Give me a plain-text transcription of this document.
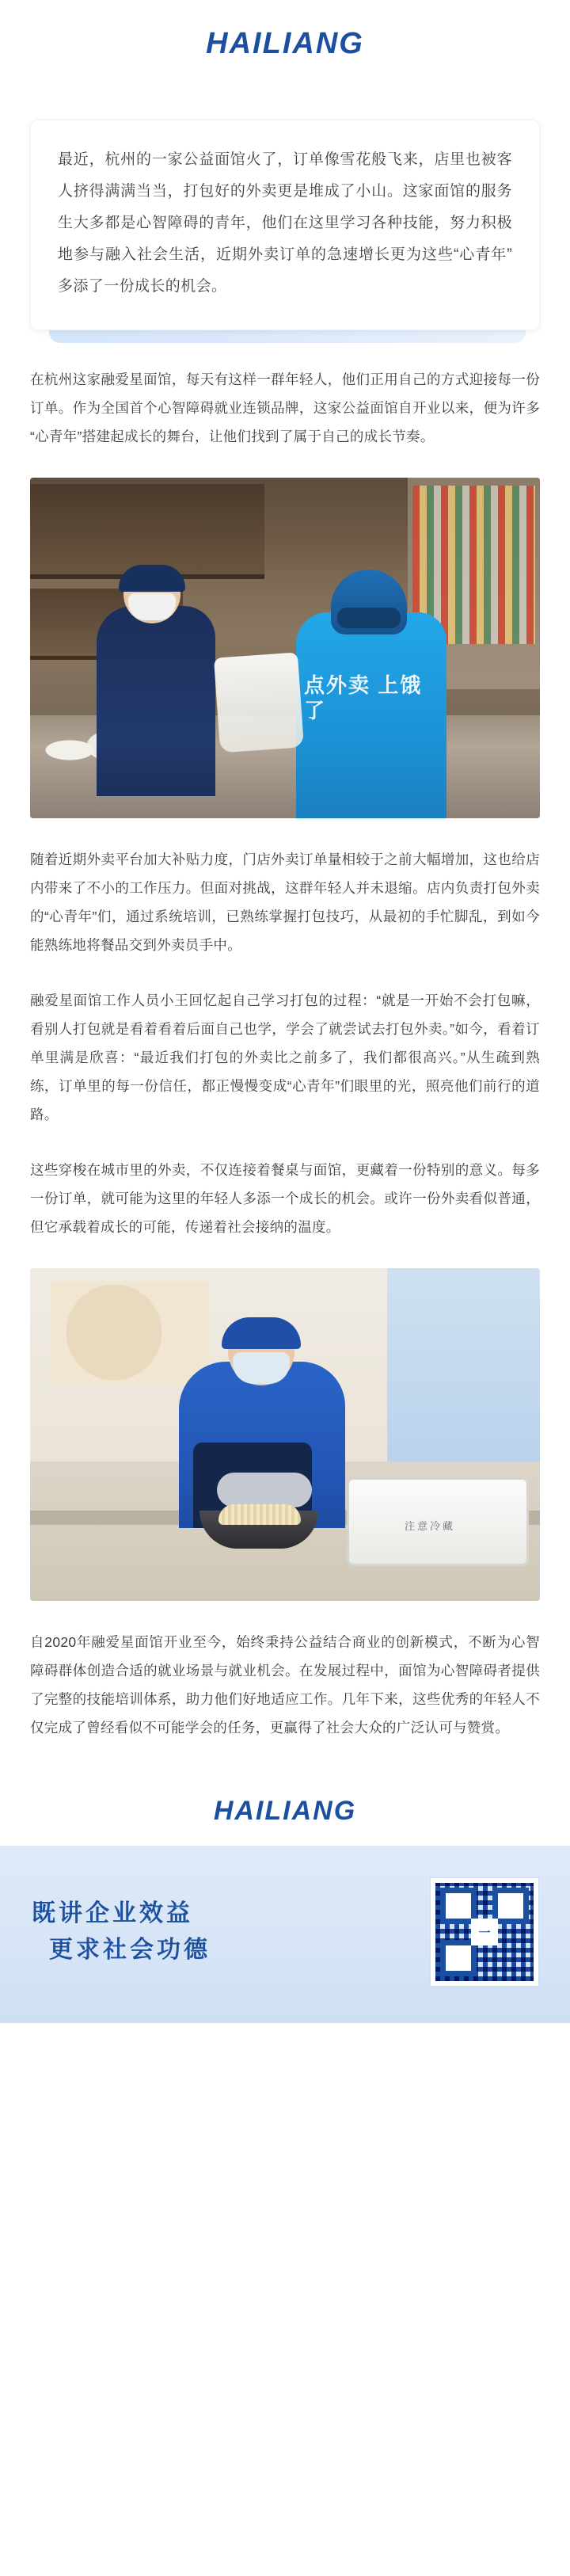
HAILIANG

最近，杭州的一家公益面馆火了，订单像雪花般飞来，店里也被客人挤得满满当当，打包好的外卖更是堆成了小山。这家面馆的服务生大多都是心智障碍的青年，他们在这里学习各种技能，努力积极地参与融入社会生活，近期外卖订单的急速增长更为这些“心青年”多添了一份成长的机会。

在杭州这家融爱星面馆，每天有这样一群年轻人，他们正用自己的方式迎接每一份订单。作为全国首个心智障碍就业连锁品牌，这家公益面馆自开业以来，便为许多“心青年”搭建起成长的舞台，让他们找到了属于自己的成长节奏。

点外卖 上饿了

随着近期外卖平台加大补贴力度，门店外卖订单量相较于之前大幅增加，这也给店内带来了不小的工作压力。但面对挑战，这群年轻人并未退缩。店内负责打包外卖的“心青年”们，通过系统培训，已熟练掌握打包技巧，从最初的手忙脚乱，到如今能熟练地将餐品交到外卖员手中。

融爱星面馆工作人员小王回忆起自己学习打包的过程：“就是一开始不会打包嘛，看别人打包就是看着看着后面自己也学，学会了就尝试去打包外卖。”如今，看着订单里满是欣喜：“最近我们打包的外卖比之前多了，我们都很高兴。”从生疏到熟练，订单里的每一份信任，都正慢慢变成“心青年”们眼里的光，照亮他们前行的道路。

这些穿梭在城市里的外卖，不仅连接着餐桌与面馆，更藏着一份特别的意义。每多一份订单，就可能为这里的年轻人多添一个成长的机会。或许一份外卖看似普通，但它承载着成长的可能，传递着社会接纳的温度。

注意冷藏

自2020年融爱星面馆开业至今，始终秉持公益结合商业的创新模式，不断为心智障碍群体创造合适的就业场景与就业机会。在发展过程中，面馆为心智障碍者提供了完整的技能培训体系，助力他们好地适应工作。几年下来，这些优秀的年轻人不仅完成了曾经看似不可能学会的任务，更赢得了社会大众的广泛认可与赞赏。

HAILIANG
既讲企业效益
更求社会功德
一
